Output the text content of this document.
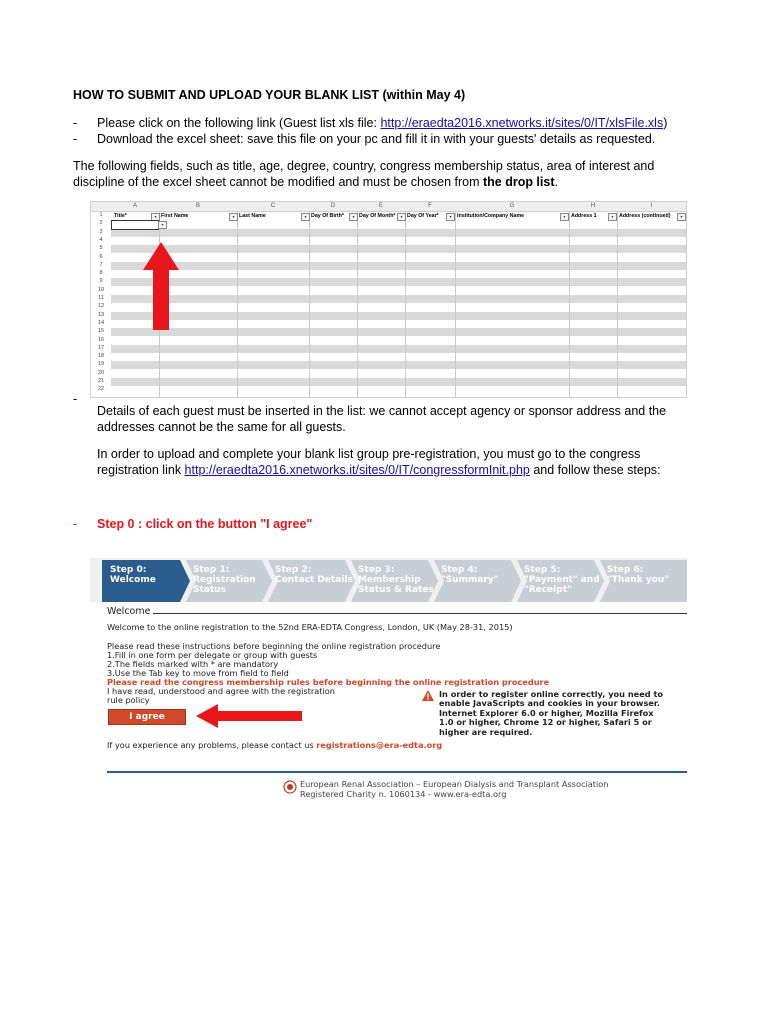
HOW TO SUBMIT AND UPLOAD YOUR BLANK LIST (within May 4)
- Please click on the following link (Guest list xls file: http://eraedta2016.xnetworks.it/sites/0/IT/xlsFile.xls)
- Download the excel sheet: save this file on your pc and fill it in with your guests' details as requested.
The following fields, such as title, age, degree, country, congress membership status, area of interest and
discipline of the excel sheet cannot be modified and must be chosen from the drop list.
A	B	C	D	E	F	G	H	I
1
2
3
4
5
6
7
8
9
10
11
12
13
14
15
16
17
18
19
20
21
22
Title*	▾ First Name	▾ Last Name	▾ Day Of Birth*	▾ Day Of Month*	▾ Day Of Year*	▾	Institution/Company Name	▾	Address 1	▾	Address (continued)	▾
▾
-
Details of each guest must be inserted in the list: we cannot accept agency or sponsor address and the
addresses cannot be the same for all guests.
In order to upload and complete your blank list group pre-registration, you must go to the congress
registration link http://eraedta2016.xnetworks.it/sites/0/IT/congressformInit.php and follow these steps:
- Step 0 : click on the button "I agree"
Step 0:
Welcome
Step 1:
Registration
Status
Step 2:
Contact Details
Step 3:
Membership
Status & Rates
Step 4:
"Summary"
Step 5:
"Payment" and
"Receipt"
Step 6:
"Thank you"
Welcome
Welcome to the online registration to the 52nd ERA-EDTA Congress, London, UK (May 28-31, 2015)
Please read these instructions before beginning the online registration procedure
1.Fill in one form per delegate or group with guests
2.The fields marked with * are mandatory
3.Use the Tab key to move from field to field
Please read the congress membership rules before beginning the online registration procedure
I have read, understood and agree with the registration
rule policy
I agree
In order to register online correctly, you need to
enable JavaScripts and cookies in your browser.
Internet Explorer 6.0 or higher, Mozilla Firefox
1.0 or higher, Chrome 12 or higher, Safari 5 or
higher are required.
If you experience any problems, please contact us registrations@era-edta.org
European Renal Association – European Dialysis and Transplant Association
Registered Charity n. 1060134 - www.era-edta.org
